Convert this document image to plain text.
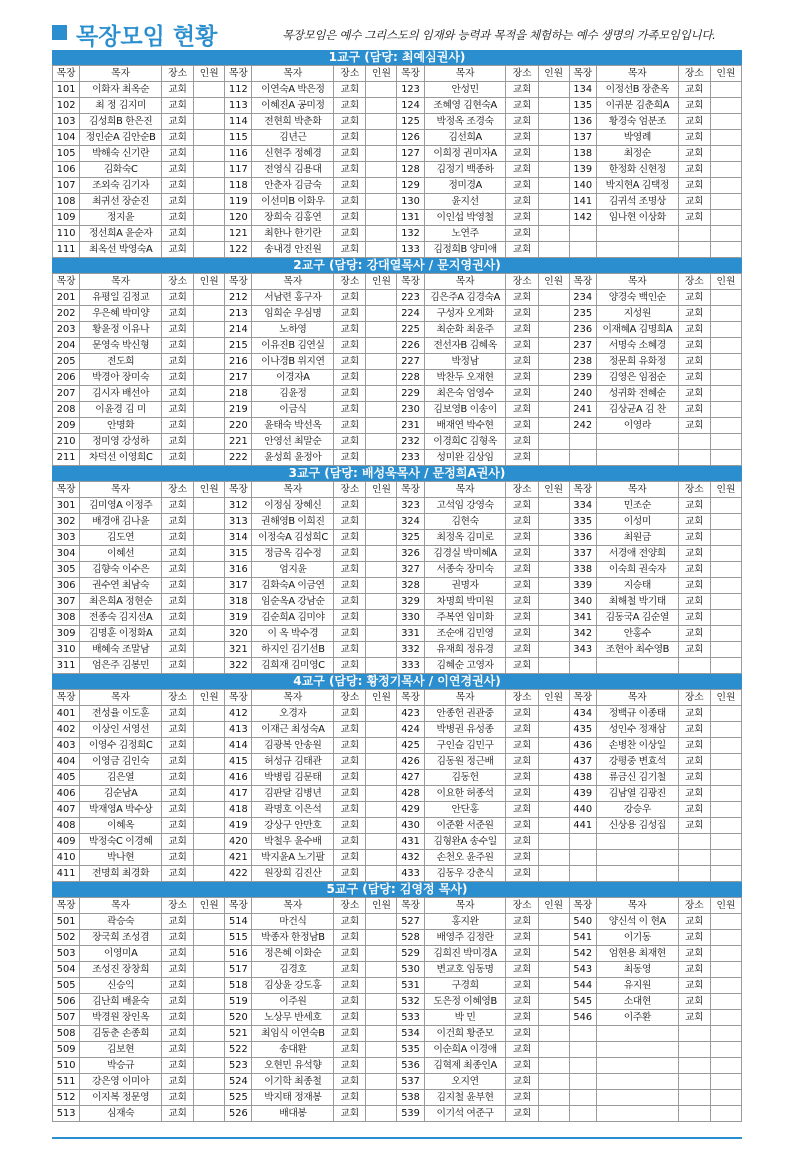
목장모임 현황	목장모임은 예수 그리스도의 임재와 능력과 목적을 체험하는 예수 생명의 가족모임입니다.
1교구 (담당: 최예심권사)
목장	목자	장소	인원	목장	목자	장소	인원	목장	목자	장소	인원	목장	목자	장소	인원
101	이화자 최옥순	교회		112	이연숙A 박은정	교회		123	안성민	교회		134	이정선B 장춘옥	교회	
102	최 정 김지미	교회		113	이혜진A 공미정	교회		124	조혜영 김현숙A	교회		135	이귀분 김춘희A	교회	
103	김성희B 한은진	교회		114	전현희 박춘화	교회		125	박정옥 조경숙	교회		136	황경숙 엄분조	교회	
104	정인순A 김안순B	교회		115	김년근	교회		126	김선희A	교회		137	박영례	교회	
105	박해숙 신기란	교회		116	신현주 정혜경	교회		127	이희정 권미자A	교회		138	최정순	교회	
106	김화숙C	교회		117	전영식 김용대	교회		128	김정기 백종하	교회		139	한정화 신현정	교회	
107	조외숙 김기자	교회		118	안춘자 김금숙	교회		129	정미경A	교회		140	박지현A 김택정	교회	
108	최귀선 장순진	교회		119	이선미B 이화우	교회		130	윤지선	교회		141	김귀석 조명상	교회	
109	정지윤	교회		120	장희숙 김홍연	교회		131	이인섭 박영철	교회		142	임나현 이상화	교회	
110	정선희A 윤순자	교회		121	최한나 한기란	교회		132	노연주	교회					
111	최옥선 박영숙A	교회		122	송내경 안진원	교회		133	김정희B 양미애	교회					
2교구 (담당: 강대열목사 / 문지영권사)
목장	목자	장소	인원	목장	목자	장소	인원	목장	목자	장소	인원	목장	목자	장소	인원
201	유평일 김정교	교회		212	서남련 홍구자	교회		223	김은주A 김경숙A	교회		234	양경숙 백인순	교회	
202	우은혜 박미양	교회		213	임희순 우심명	교회		224	구성자 오계화	교회		235	지성원	교회	
203	황윤정 이유나	교회		214	노하영	교회		225	최순화 최윤주	교회		236	이재혜A 김명희A	교회	
204	문영숙 박신형	교회		215	이유진B 김연실	교회		226	전선자B 김혜옥	교회		237	서명숙 소혜경	교회	
205	전도희	교회		216	이나경B 위지연	교회		227	박정남	교회		238	정문희 유화정	교회	
206	박경아 장미숙	교회		217	이경자A	교회		228	박찬두 오재현	교회		239	김영은 임점순	교회	
207	김시자 배선아	교회		218	김윤정	교회		229	최은숙 엄영수	교회		240	성귀화 전혜순	교회	
208	이윤경 김 미	교회		219	이금식	교회		230	김보영B 이송이	교회		241	김상균A 김 찬	교회	
209	안명화	교회		220	윤태숙 박선옥	교회		231	배재연 박수현	교회		242	이영라	교회	
210	정미영 강성하	교회		221	안영선 최말순	교회		232	이경희C 김형옥	교회					
211	차덕선 이영희C	교회		222	윤성희 윤정아	교회		233	성미완 김상임	교회					
3교구 (담당: 배성욱목사 / 문정희A권사)
목장	목자	장소	인원	목장	목자	장소	인원	목장	목자	장소	인원	목장	목자	장소	인원
301	김미영A 이정주	교회		312	이정심 장혜신	교회		323	고석임 강영숙	교회		334	민조순	교회	
302	배경애 김나윤	교회		313	권해영B 이희진	교회		324	김현숙	교회		335	이성미	교회	
303	김도연	교회		314	이정숙A 김성희C	교회		325	최정옥 김미로	교회		336	최원금	교회	
304	이혜선	교회		315	정금옥 김수정	교회		326	김경실 박미혜A	교회		337	서경애 전양희	교회	
305	김향숙 이수은	교회		316	엄지윤	교회		327	서종숙 장미숙	교회		338	이숙희 권숙자	교회	
306	권수연 최남숙	교회		317	김화숙A 이금연	교회		328	권명자	교회		339	지승태	교회	
307	최은희A 정현순	교회		318	임순옥A 강남순	교회		329	차명희 박미원	교회		340	최해철 박기태	교회	
308	전종숙 김지선A	교회		319	김순희A 김미야	교회		330	주복연 임미화	교회		341	김동국A 김순열	교회	
309	김명훈 이정화A	교회		320	이 옥 박수경	교회		331	조순애 김민영	교회		342	안홍수	교회	
310	배혜숙 조말남	교회		321	하지인 김기선B	교회		332	유재희 정유경	교회		343	조현아 최수영B	교회	
311	엄은주 김봉민	교회		322	김희재 김미영C	교회		333	김혜순 고영자	교회					
4교구 (담당: 황정기목사 / 이연경권사)
목장	목자	장소	인원	목장	목자	장소	인원	목장	목자	장소	인원	목장	목자	장소	인원
401	전성율 이도훈	교회		412	오경자	교회		423	안종헌 권관중	교회		434	정백규 이종태	교회	
402	이상인 서영선	교회		413	이재근 최성숙A	교회		424	박병권 유성종	교회		435	성인수 정재삼	교회	
403	이영수 김정희C	교회		414	김광복 안송원	교회		425	구인슬 김민구	교회		436	손병찬 이상일	교회	
404	이영금 김인숙	교회		415	허성규 김태관	교회		426	김동원 정근배	교회		437	강평중 변효석	교회	
405	김은열	교회		416	박병림 김문태	교회		427	김동헌	교회		438	류금신 김기철	교회	
406	김순남A	교회		417	김판달 김병년	교회		428	이요한 허종석	교회		439	김남열 김광진	교회	
407	박재영A 박수상	교회		418	곽명호 이은석	교회		429	안단홍	교회		440	강승우	교회	
408	이혜옥	교회		419	강상구 안만호	교회		430	이준환 서준원	교회		441	신상용 김성집	교회	
409	박정숙C 이경혜	교회		420	박철우 윤수배	교회		431	김형완A 송수일	교회					
410	박나현	교회		421	박지윤A 노기팔	교회		432	손천오 윤주원	교회					
411	전명희 최경화	교회		422	원장희 김진산	교회		433	김동우 강춘식	교회					
5교구 (담당: 김영정 목사)
목장	목자	장소	인원	목장	목자	장소	인원	목장	목자	장소	인원	목장	목자	장소	인원
501	곽승숙	교회		514	마건식	교회		527	홍지완	교회		540	양신석 이 현A	교회	
502	장국희 조성겸	교회		515	박종자 한정남B	교회		528	배영주 김정란	교회		541	이기동	교회	
503	이영미A	교회		516	정은혜 이화순	교회		529	김희진 박미경A	교회		542	엄현용 최재현	교회	
504	조성진 장창희	교회		517	김경호	교회		530	변교호 임동명	교회		543	최동영	교회	
505	신승익	교회		518	김상윤 강도홍	교회		531	구경희	교회		544	유지원	교회	
506	김난희 배윤숙	교회		519	이주원	교회		532	도은정 이혜영B	교회		545	소대현	교회	
507	박경원 장인옥	교회		520	노상무 반세호	교회		533	박 민	교회		546	이주환	교회	
508	김동춘 손종희	교회		521	최임식 이연숙B	교회		534	이건희 황준모	교회					
509	김보현	교회		522	송대환	교회		535	이순희A 이경애	교회					
510	박승규	교회		523	오현민 유석향	교회		536	김혁제 최종인A	교회					
511	강은영 이미아	교회		524	이기학 최종철	교회		537	오지연	교회					
512	이지복 정문영	교회		525	박지태 정재봉	교회		538	김지철 윤부현	교회					
513	심재숙	교회		526	배대봉	교회		539	이기석 여준구	교회					
